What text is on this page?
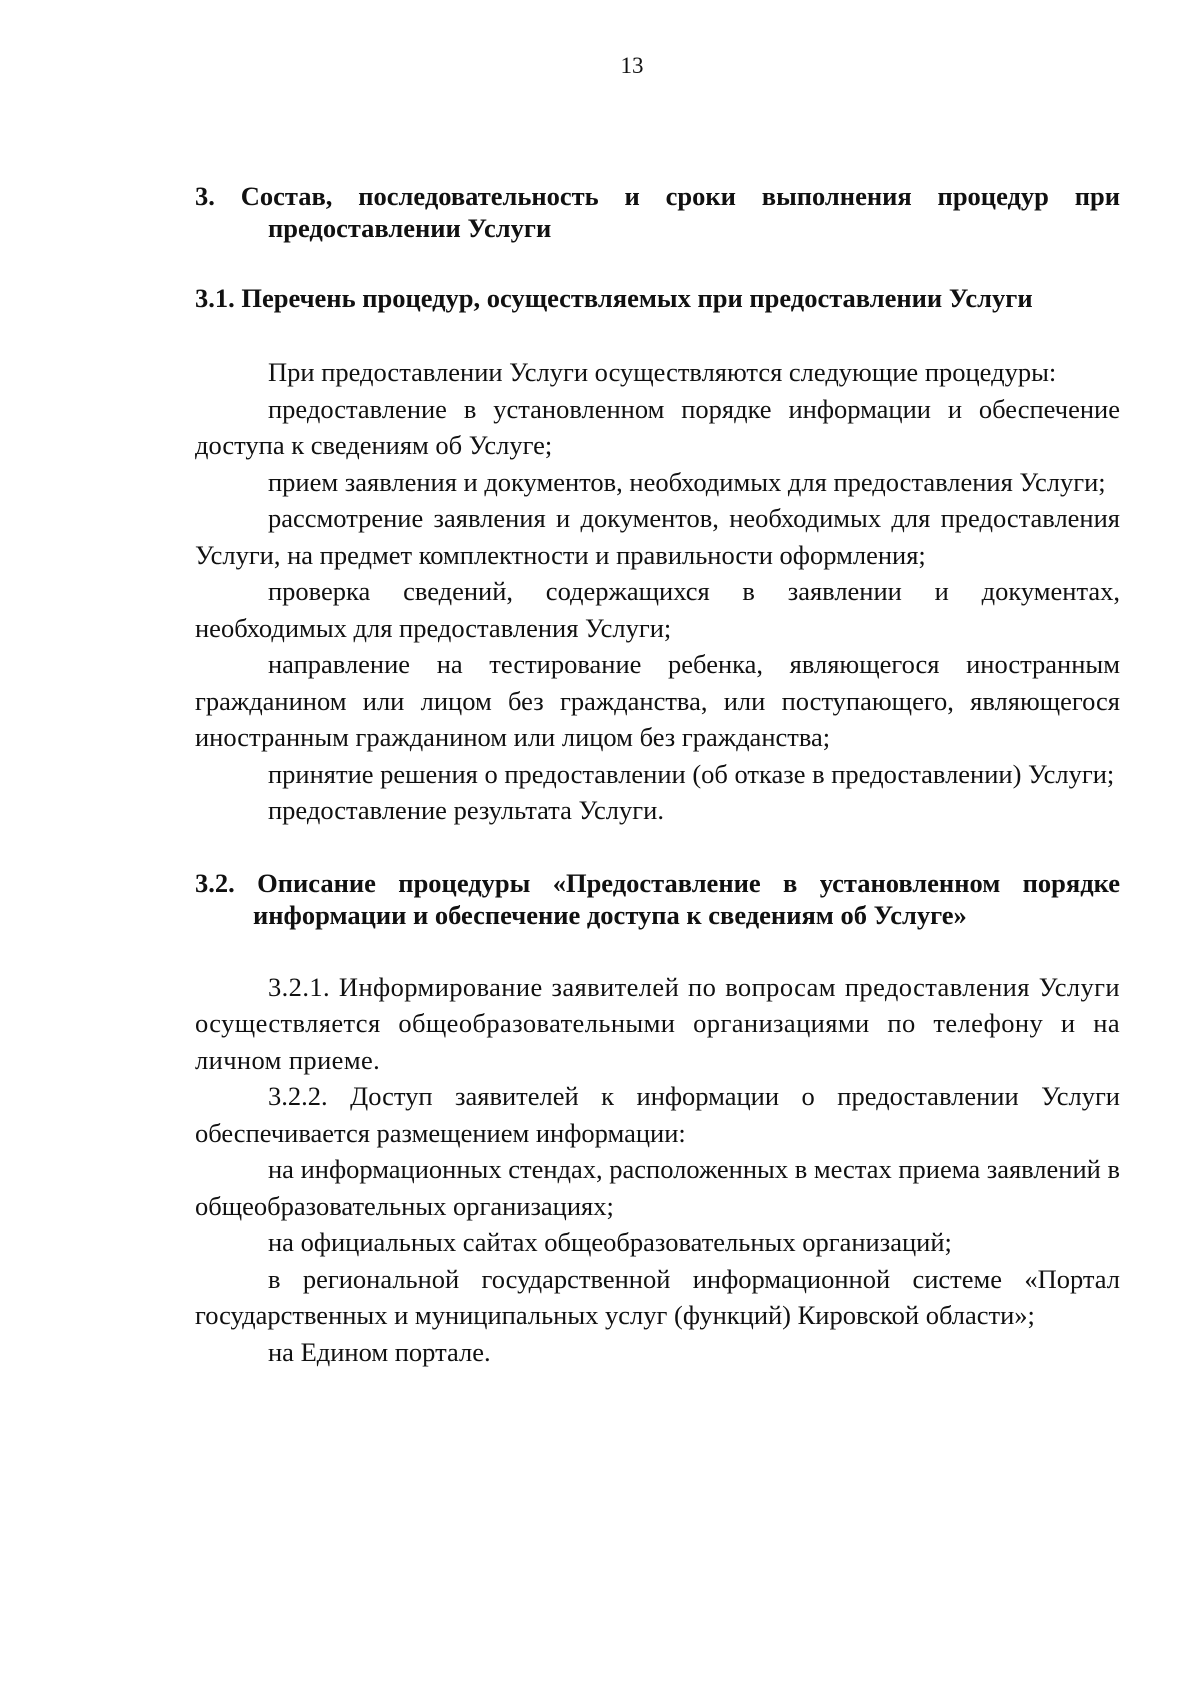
13
3. Состав, последовательность и сроки выполнения процедур при предоставлении Услуги
3.1. Перечень процедур, осуществляемых при предоставлении Услуги

При предоставлении Услуги осуществляются следующие процедуры:

предоставление в установленном порядке информации и обеспечение доступа к сведениям об Услуге;

прием заявления и документов, необходимых для предоставления Услуги;

рассмотрение заявления и документов, необходимых для предоставления Услуги, на предмет комплектности и правильности оформления;

проверка сведений, содержащихся в заявлении и документах, необходимых для предоставления Услуги;

направление на тестирование ребенка, являющегося иностранным гражданином или лицом без гражданства, или поступающего, являющегося иностранным гражданином или лицом без гражданства;

принятие решения о предоставлении (об отказе в предоставлении) Услуги;

предоставление результата Услуги.

3.2. Описание процедуры «Предоставление в установленном порядке информации и обеспечение доступа к сведениям об Услуге»

3.2.1. Информирование заявителей по вопросам предоставления Услуги осуществляется общеобразовательными организациями по телефону и на личном приеме.

3.2.2. Доступ заявителей к информации о предоставлении Услуги обеспечивается размещением информации:

на информационных стендах, расположенных в местах приема заявлений в общеобразовательных организациях;

на официальных сайтах общеобразовательных организаций;

в региональной государственной информационной системе «Портал государственных и муниципальных услуг (функций) Кировской области»;

на Едином портале.
